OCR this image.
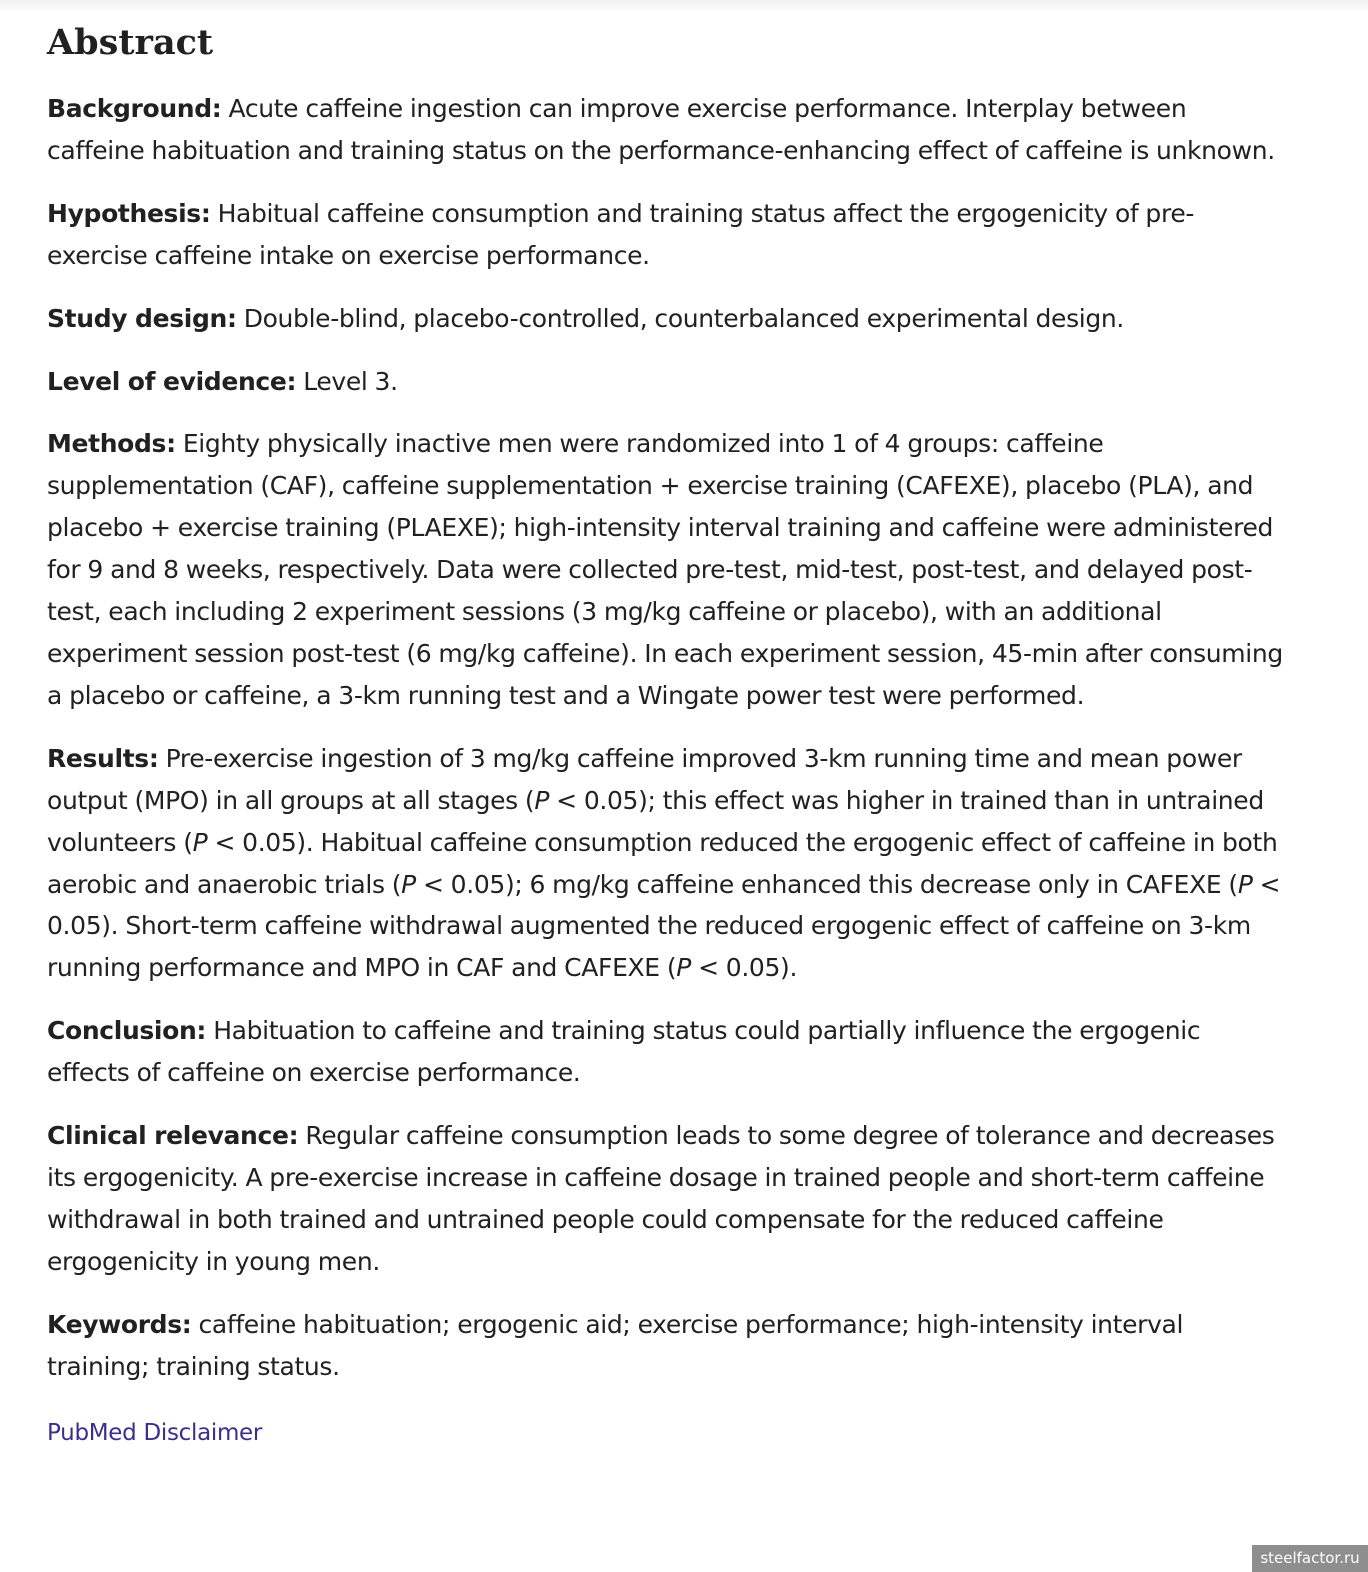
Abstract

Background: Acute caffeine ingestion can improve exercise performance. Interplay between caffeine habituation and training status on the performance-enhancing effect of caffeine is unknown.

Hypothesis: Habitual caffeine consumption and training status affect the ergogenicity of pre-exercise caffeine intake on exercise performance.

Study design: Double-blind, placebo-controlled, counterbalanced experimental design.

Level of evidence: Level 3.

Methods: Eighty physically inactive men were randomized into 1 of 4 groups: caffeine supplementation (CAF), caffeine supplementation + exercise training (CAFEXE), placebo (PLA), and placebo + exercise training (PLAEXE); high-intensity interval training and caffeine were administered for 9 and 8 weeks, respectively. Data were collected pre-test, mid-test, post-test, and delayed post-test, each including 2 experiment sessions (3 mg/kg caffeine or placebo), with an additional experiment session post-test (6 mg/kg caffeine). In each experiment session, 45-min after consuming a placebo or caffeine, a 3-km running test and a Wingate power test were performed.

Results: Pre-exercise ingestion of 3 mg/kg caffeine improved 3-km running time and mean power output (MPO) in all groups at all stages (P < 0.05); this effect was higher in trained than in untrained volunteers (P < 0.05). Habitual caffeine consumption reduced the ergogenic effect of caffeine in both aerobic and anaerobic trials (P < 0.05); 6 mg/kg caffeine enhanced this decrease only in CAFEXE (P < 0.05). Short-term caffeine withdrawal augmented the reduced ergogenic effect of caffeine on 3-km running performance and MPO in CAF and CAFEXE (P < 0.05).

Conclusion: Habituation to caffeine and training status could partially influence the ergogenic effects of caffeine on exercise performance.

Clinical relevance: Regular caffeine consumption leads to some degree of tolerance and decreases its ergogenicity. A pre-exercise increase in caffeine dosage in trained people and short-term caffeine withdrawal in both trained and untrained people could compensate for the reduced caffeine ergogenicity in young men.

Keywords: caffeine habituation; ergogenic aid; exercise performance; high-intensity interval training; training status.

PubMed Disclaimer
steelfactor.ru
